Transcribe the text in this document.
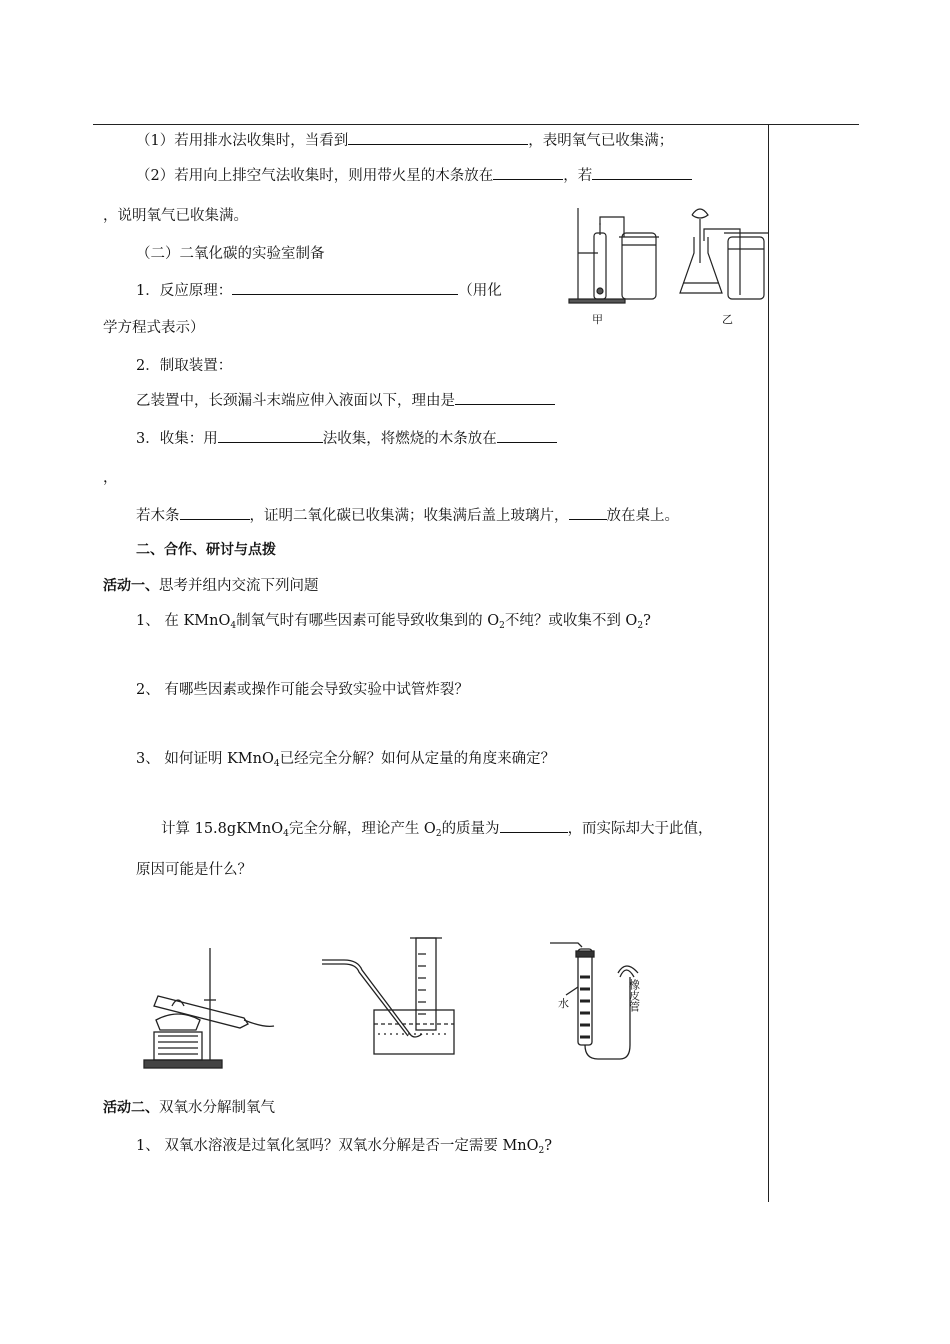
（1）若用排水法收集时，当看到	，表明氧气已收集满；
（2）若用向上排空气法收集时，则用带火星的木条放在	，若
，说明氧气已收集满。
（二）二氧化碳的实验室制备
1．反应原理：	（用化
学方程式表示）
2．制取装置：
乙装置中，长颈漏斗末端应伸入液面以下，理由是
3．收集：用	法收集，将燃烧的木条放在
，
若木条	，证明二氧化碳已收集满；收集满后盖上玻璃片，	放在桌上。
甲	乙
二、合作、研讨与点拨
活动一、思考并组内交流下列问题
1、 在 KMnO$_4$制氧气时有哪些因素可能导致收集到的 $O_2$不纯？或收集不到 $O_2$?
2、 有哪些因素或操作可能会导致实验中试管炸裂？
3、 如何证明 KMnO$_4$已经完全分解？如何从定量的角度来确定？
计算 15.8gKMnO$_4$完全分解，理论产生 $O_2$的质量为	，而实际却大于此值，
原因可能是什么？
水	橡皮管
活动二、双氧水分解制氧气
1、 双氧水溶液是过氧化氢吗？双氧水分解是否一定需要 MnO$_2$?
